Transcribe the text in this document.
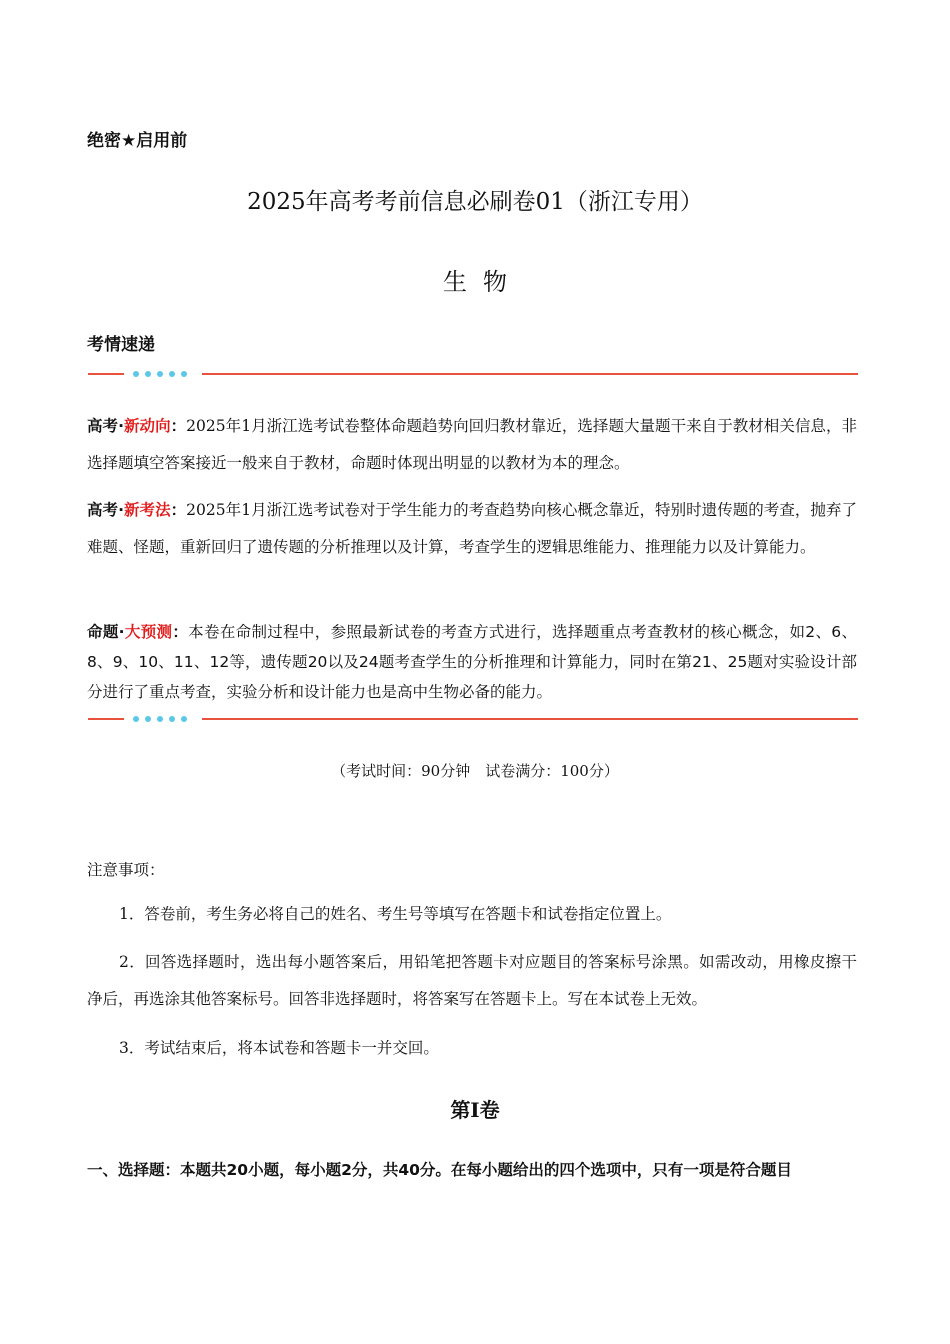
绝密★启用前
2025年高考考前信息必刷卷01（浙江专用）
生物
考情速递
高考·新动向：2025年1月浙江选考试卷整体命题趋势向回归教材靠近，选择题大量题干来自于教材相关信息，非选择题填空答案接近一般来自于教材，命题时体现出明显的以教材为本的理念。
高考·新考法：2025年1月浙江选考试卷对于学生能力的考查趋势向核心概念靠近，特别时遗传题的考查，抛弃了难题、怪题，重新回归了遗传题的分析推理以及计算，考查学生的逻辑思维能力、推理能力以及计算能力。
命题·大预测：本卷在命制过程中，参照最新试卷的考查方式进行，选择题重点考查教材的核心概念，如2、6、8、9、10、11、12等，遗传题20以及24题考查学生的分析推理和计算能力，同时在第21、25题对实验设计部分进行了重点考查，实验分析和设计能力也是高中生物必备的能力。
（考试时间：90分钟　试卷满分：100分）
注意事项：
1．答卷前，考生务必将自己的姓名、考生号等填写在答题卡和试卷指定位置上。
2．回答选择题时，选出每小题答案后，用铅笔把答题卡对应题目的答案标号涂黑。如需改动，用橡皮擦干净后，再选涂其他答案标号。回答非选择题时，将答案写在答题卡上。写在本试卷上无效。
3．考试结束后，将本试卷和答题卡一并交回。
第Ⅰ卷
一、选择题：本题共20小题，每小题2分，共40分。在每小题给出的四个选项中，只有一项是符合题目
